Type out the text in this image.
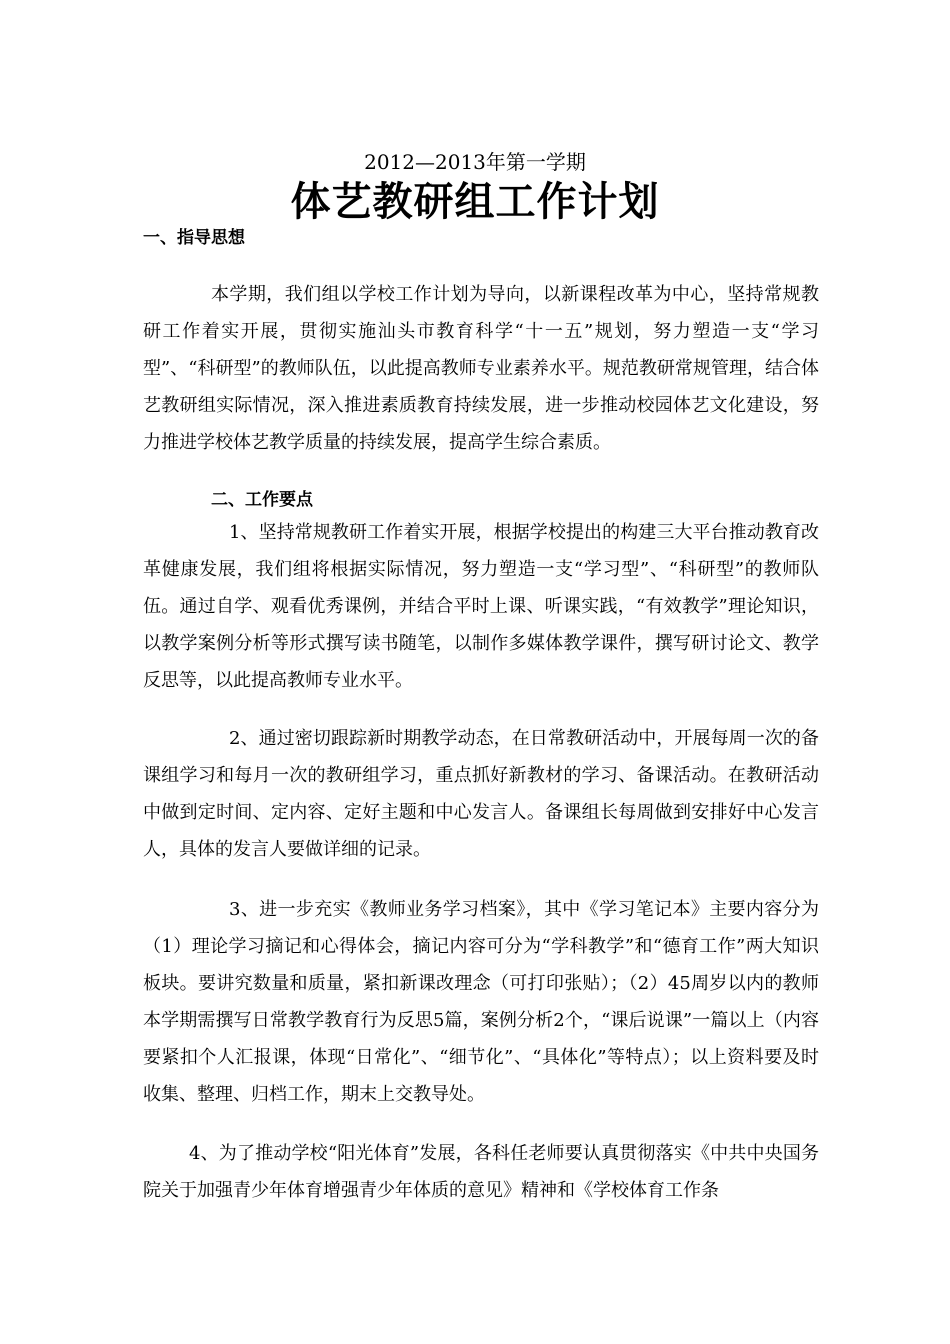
2012—2013年第一学期
体艺教研组工作计划
一、指导思想
本学期，我们组以学校工作计划为导向，以新课程改革为中心，坚持常规教研工作着实开展，贯彻实施汕头市教育科学“十一五”规划，努力塑造一支“学习型”、“科研型”的教师队伍，以此提高教师专业素养水平。规范教研常规管理，结合体艺教研组实际情况，深入推进素质教育持续发展，进一步推动校园体艺文化建设，努力推进学校体艺教学质量的持续发展，提高学生综合素质。
二、工作要点
1、坚持常规教研工作着实开展，根据学校提出的构建三大平台推动教育改革健康发展，我们组将根据实际情况，努力塑造一支“学习型”、“科研型”的教师队伍。通过自学、观看优秀课例，并结合平时上课、听课实践，“有效教学”理论知识，以教学案例分析等形式撰写读书随笔，以制作多媒体教学课件，撰写研讨论文、教学反思等，以此提高教师专业水平。
2、通过密切跟踪新时期教学动态，在日常教研活动中，开展每周一次的备课组学习和每月一次的教研组学习，重点抓好新教材的学习、备课活动。在教研活动中做到定时间、定内容、定好主题和中心发言人。备课组长每周做到安排好中心发言人，具体的发言人要做详细的记录。
3、进一步充实《教师业务学习档案》，其中《学习笔记本》主要内容分为（1）理论学习摘记和心得体会，摘记内容可分为“学科教学”和“德育工作”两大知识板块。要讲究数量和质量，紧扣新课改理念（可打印张贴）；（2）45周岁以内的教师本学期需撰写日常教学教育行为反思5篇，案例分析2个，“课后说课”一篇以上（内容要紧扣个人汇报课，体现“日常化”、“细节化”、“具体化”等特点）；以上资料要及时收集、整理、归档工作，期末上交教导处。
4、为了推动学校“阳光体育”发展，各科任老师要认真贯彻落实《中共中央国务院关于加强青少年体育增强青少年体质的意见》精神和《学校体育工作条
